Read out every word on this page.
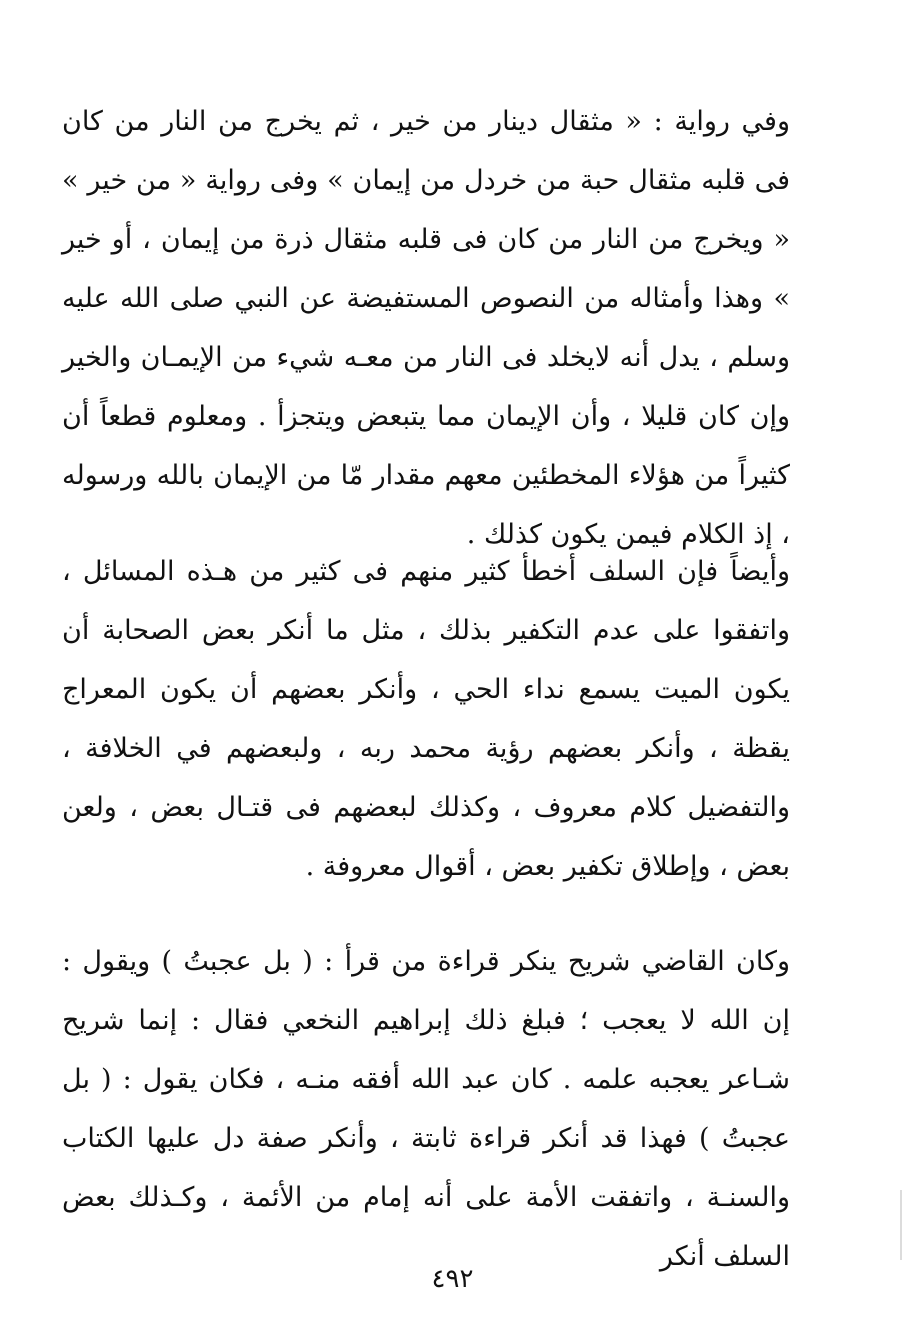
وفي رواية : « مثقال دينار من خير ، ثم يخرج من النار من كان فى قلبه مثقال حبة من خردل من إيمان » وفى رواية « من خير » « ويخرج من النار من كان فى قلبه مثقال ذرة من إيمان ، أو خير » وهذا وأمثاله من النصوص المستفيضة عن النبي صلى الله عليه وسلم ، يدل أنه لايخلد فى النار من معـه شيء من الإيمـان والخير وإن كان قليلا ، وأن الإيمان مما يتبعض ويتجزأ . ومعلوم قطعاً أن كثيراً من هؤلاء المخطئين معهم مقدار مّا من الإيمان بالله ورسوله ، إذ الكلام فيمن يكون كذلك .

وأيضاً فإن السلف أخطأ كثير منهم فى كثير من هـذه المسائل ، واتفقوا على عدم التكفير بذلك ، مثل ما أنكر بعض الصحابة أن يكون الميت يسمع نداء الحي ، وأنكر بعضهم أن يكون المعراج يقظة ، وأنكر بعضهم رؤية محمد ربه ، ولبعضهم في الخلافة ، والتفضيل كلام معروف ، وكذلك لبعضهم فى قتـال بعض ، ولعن بعض ، وإطلاق تكفير بعض ، أقوال معروفة .

وكان القاضي شريح ينكر قراءة من قرأ : ( بل عجبتُ ) ويقول : إن الله لا يعجب ؛ فبلغ ذلك إبراهيم النخعي فقال : إنما شريح شـاعر يعجبه علمه . كان عبد الله أفقه منـه ، فكان يقول : ( بل عجبتُ ) فهذا قد أنكر قراءة ثابتة ، وأنكر صفة دل عليها الكتاب والسنـة ، واتفقت الأمة على أنه إمام من الأئمة ، وكـذلك بعض السلف أنكر

٤٩٢
